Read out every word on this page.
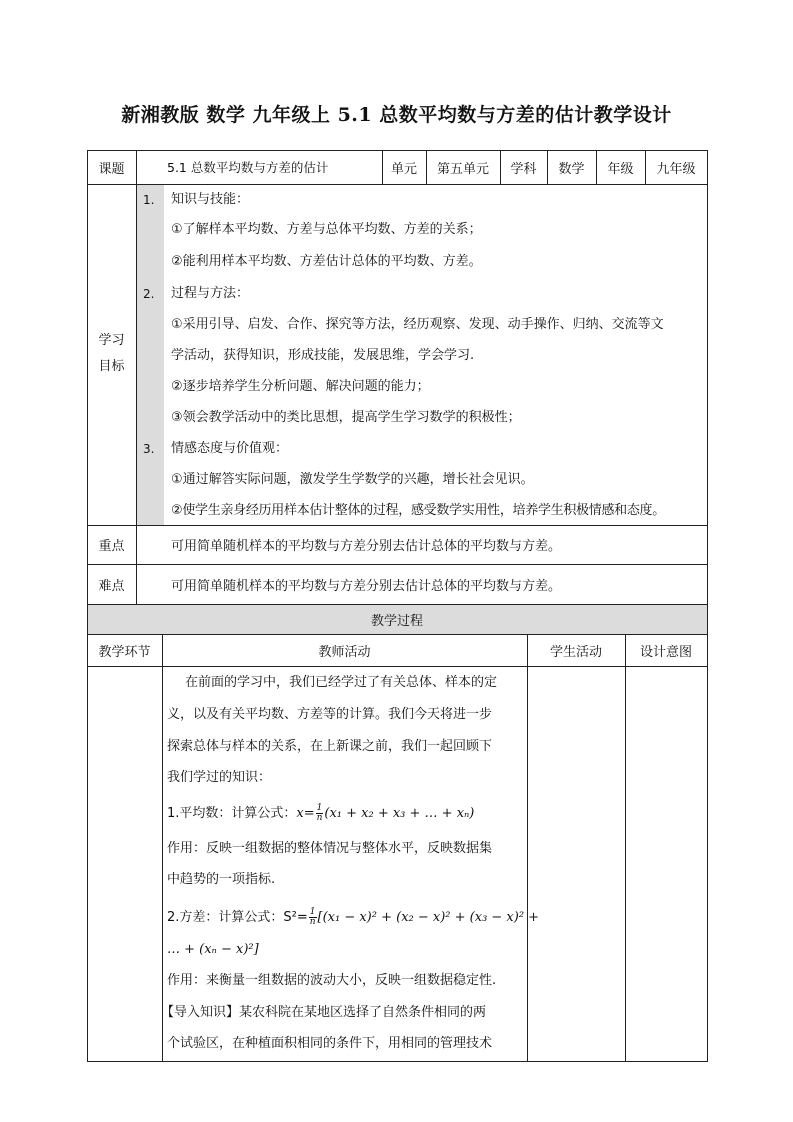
新湘教版 数学 九年级上 5.1 总数平均数与方差的估计教学设计
课题	5.1 总数平均数与方差的估计	单元	第五单元	学科	数学	年级	九年级
学习
目标
1. 知识与技能：
①了解样本平均数、方差与总体平均数、方差的关系；
②能利用样本平均数、方差估计总体的平均数、方差。
2. 过程与方法：
①采用引导、启发、合作、探究等方法，经历观察、发现、动手操作、归纳、交流等文
学活动，获得知识，形成技能，发展思维，学会学习.
②逐步培养学生分析问题、解决问题的能力；
③领会教学活动中的类比思想，提高学生学习数学的积极性；
3. 情感态度与价值观：
①通过解答实际问题，激发学生学数学的兴趣，增长社会见识。
②使学生亲身经历用样本估计整体的过程，感受数学实用性，培养学生积极情感和态度。
重点	可用简单随机样本的平均数与方差分别去估计总体的平均数与方差。
难点	可用简单随机样本的平均数与方差分别去估计总体的平均数与方差。
教学过程
教学环节	教师活动	学生活动	设计意图
在前面的学习中，我们已经学过了有关总体、样本的定
义，以及有关平均数、方差等的计算。我们今天将进一步
探索总体与样本的关系，在上新课之前，我们一起回顾下
我们学过的知识：
1.平均数：计算公式：$x= \frac{1}{n} (x_1 + x_2 + x_3$ + … + xₙ)
作用：反映一组数据的整体情况与整体水平，反映数据集
中趋势的一项指标.
2.方差：计算公式：$S^2= \frac{1}{n} [(x_1 - x)^2 + (x_2 - x)^2 + (x_3 - x)^2$ +
… + (xₙ − x)²]
作用：来衡量一组数据的波动大小，反映一组数据稳定性.
【导入知识】某农科院在某地区选择了自然条件相同的两
个试验区，在种植面积相同的条件下，用相同的管理技术
